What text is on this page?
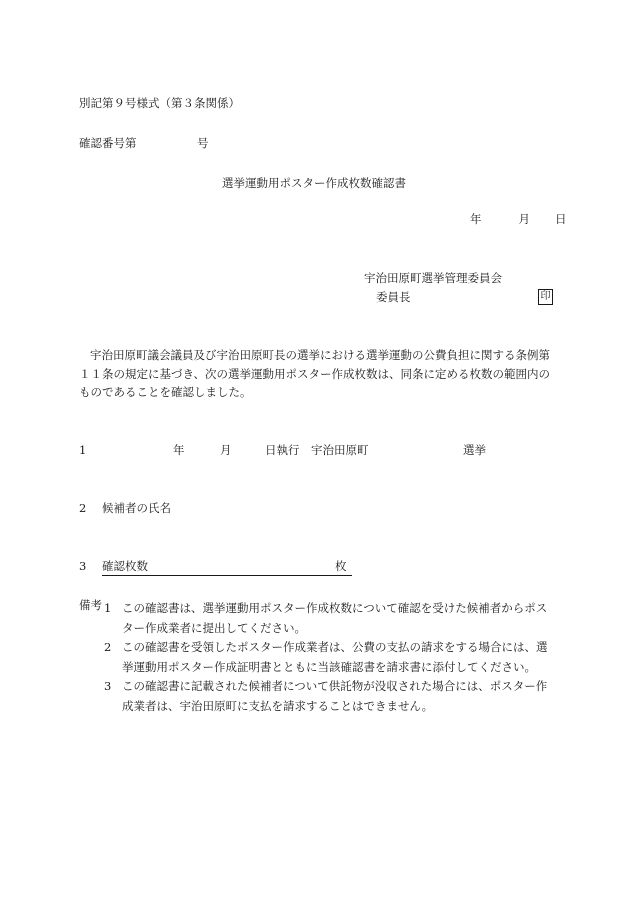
別記第９号様式（第３条関係）
確認番号第	号
選挙運動用ポスター作成枚数確認書
年	月 日
宇治田原町選挙管理委員会
委員長	印
宇治田原町議会議員及び宇治田原町長の選挙における選挙運動の公費負担に関する条例第１１条の規定に基づき、次の選挙運動用ポスター作成枚数は、同条に定める枚数の範囲内のものであることを確認しました。
1	年	月	日執行 宇治田原町	選挙
2 候補者の氏名
3 確認枚数	枚
備考 1 この確認書は、選挙運動用ポスター作成枚数について確認を受けた候補者からポスター作成業者に提出してください。
2 この確認書を受領したポスター作成業者は、公費の支払の請求をする場合には、選挙運動用ポスター作成証明書とともに当該確認書を請求書に添付してください。
3 この確認書に記載された候補者について供託物が没収された場合には、ポスター作成業者は、宇治田原町に支払を請求することはできません。
